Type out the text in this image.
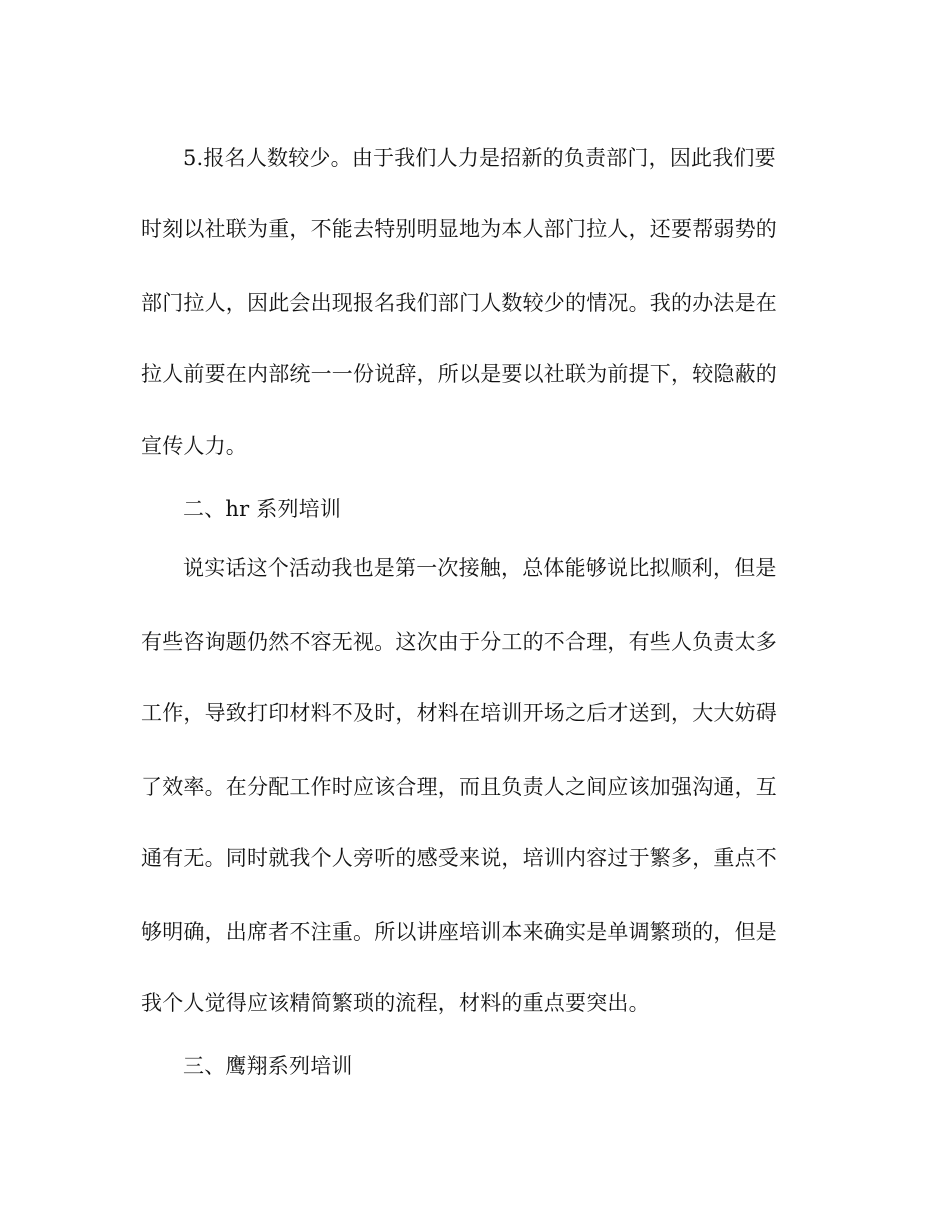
5.报名人数较少。由于我们人力是招新的负责部门，因此我们要
时刻以社联为重，不能去特别明显地为本人部门拉人，还要帮弱势的
部门拉人，因此会出现报名我们部门人数较少的情况。我的办法是在
拉人前要在内部统一一份说辞，所以是要以社联为前提下，较隐蔽的
宣传人力。
二、hr 系列培训
说实话这个活动我也是第一次接触，总体能够说比拟顺利，但是
有些咨询题仍然不容无视。这次由于分工的不合理，有些人负责太多
工作，导致打印材料不及时，材料在培训开场之后才送到，大大妨碍
了效率。在分配工作时应该合理，而且负责人之间应该加强沟通，互
通有无。同时就我个人旁听的感受来说，培训内容过于繁多，重点不
够明确，出席者不注重。所以讲座培训本来确实是单调繁琐的，但是
我个人觉得应该精简繁琐的流程，材料的重点要突出。
三、鹰翔系列培训
